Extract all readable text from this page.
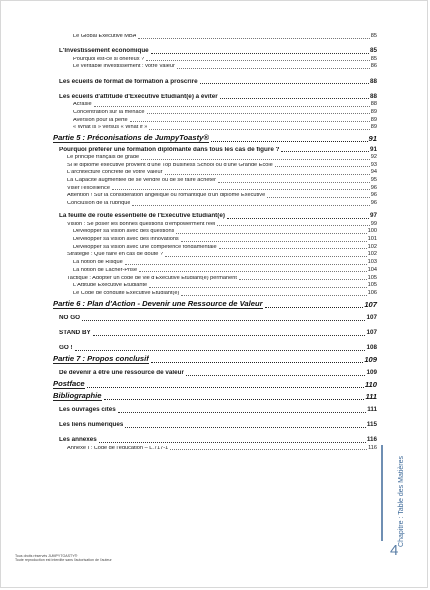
Le Global Executive MBA	85
L'Investissement économique	85
Pourquoi est-ce si onéreux ?	85
Le véritable investissement : votre Valeur	86
Les écueils de format de formation à proscrire	88
Les écueils d'attitude d'Exécutive Étudiant(e) à éviter	88
Acrasie	88
Concentration sur la menace	89
Aversion pour la perte	89
« What is » versus « What if »	89
Partie 5 : Préconisations de JumpyToasty®	91
Pourquoi préférer une formation diplômante dans tous les cas de figure ?	91
Le principe français de grade	92
Si le diplôme executive provient d'une Top Business School ou d'une Grande École	93
L'architecture concrète de votre Valeur	94
La Capacité augmentée de se vendre ou de se faire acheter	95
Viser l'excellence	96
Attention ! Sur la considération angélique ou romantique d'un diplôme Executive	96
Conclusion de la rubrique	96
La feuille de route essentielle de l'Exécutive Étudiant(e)	97
Vision : Se poser les bonnes questions d'empowerment réel	99
Développer sa vision avec des questions	100
Développer sa vision avec des innovations	101
Développer sa vision avec une compétence fondamentale	102
Stratégie : Que faire en cas de doute ?	102
La notion de Risque	103
La notion de Lâcher-Prise	104
Tactique : Adopter un code de vie d'Exécutive Étudiant(e) permanent	105
L'Attitude Exécutive Étudiante	105
Le Code de conduite Exécutive Étudiant(e)	106
Partie 6 : Plan d'Action - Devenir une Ressource de Valeur	107
NO GO	107
STAND BY	107
GO !	108
Partie 7 : Propos conclusif	109
De devenir à être une ressource de valeur	109
Postface	110
Bibliographie	111
Les ouvrages cités	111
Les liens numériques	115
Les annexes	116
Annexe I : Code de l'éducation – L.717-1	116
Chapitre : Table des Matières
4
Tous droits réservés JUMPYTOASTY®
Toute reproduction est interdite sans l'autorisation de l'auteur
